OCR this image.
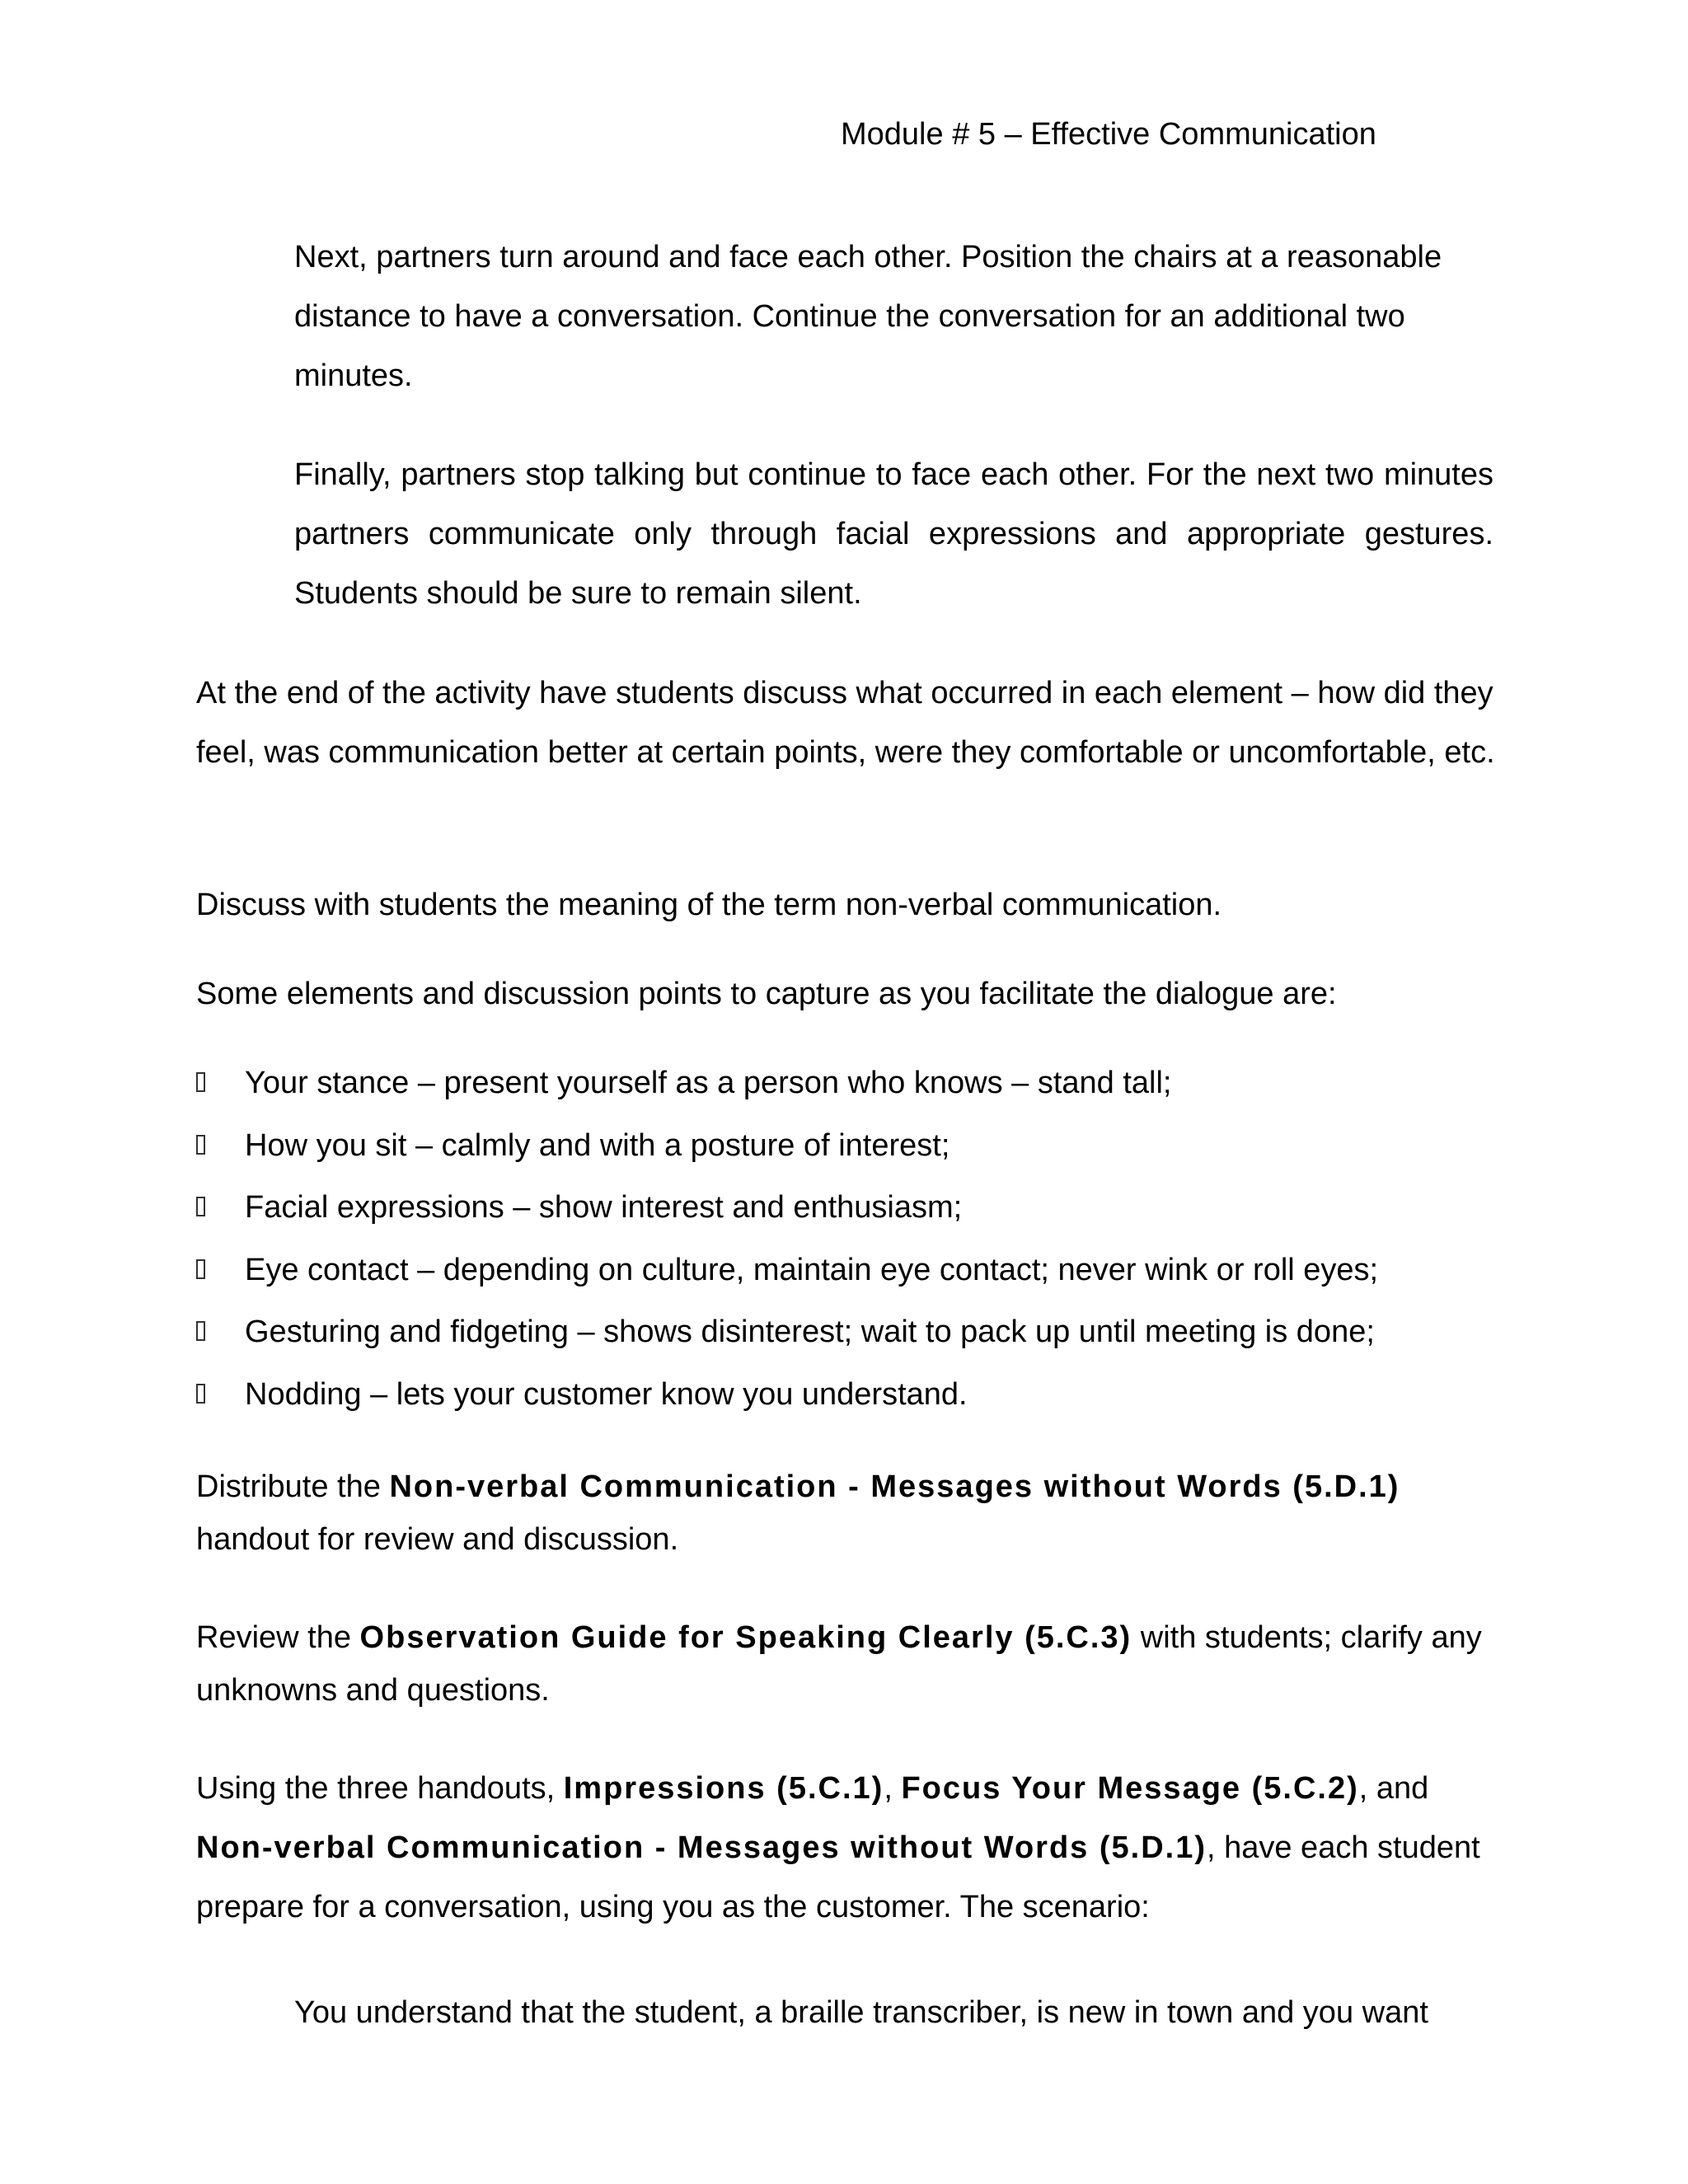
Module # 5 – Effective Communication

Next, partners turn around and face each other. Position the chairs at a reasonable distance to have a conversation. Continue the conversation for an additional two minutes.

Finally, partners stop talking but continue to face each other. For the next two minutes partners communicate only through facial expressions and appropriate gestures. Students should be sure to remain silent.

At the end of the activity have students discuss what occurred in each element – how did they feel, was communication better at certain points, were they comfortable or uncomfortable, etc.

Discuss with students the meaning of the term non-verbal communication.

Some elements and discussion points to capture as you facilitate the dialogue are:

Your stance – present yourself as a person who knows – stand tall;
How you sit – calmly and with a posture of interest;
Facial expressions – show interest and enthusiasm;
Eye contact – depending on culture, maintain eye contact; never wink or roll eyes;
Gesturing and fidgeting – shows disinterest; wait to pack up until meeting is done;
Nodding – lets your customer know you understand.

Distribute the Non-verbal Communication - Messages without Words (5.D.1) handout for review and discussion.

Review the Observation Guide for Speaking Clearly (5.C.3) with students; clarify any unknowns and questions.

Using the three handouts, Impressions (5.C.1), Focus Your Message (5.C.2), and Non-verbal Communication - Messages without Words (5.D.1), have each student prepare for a conversation, using you as the customer. The scenario:

You understand that the student, a braille transcriber, is new in town and you want
